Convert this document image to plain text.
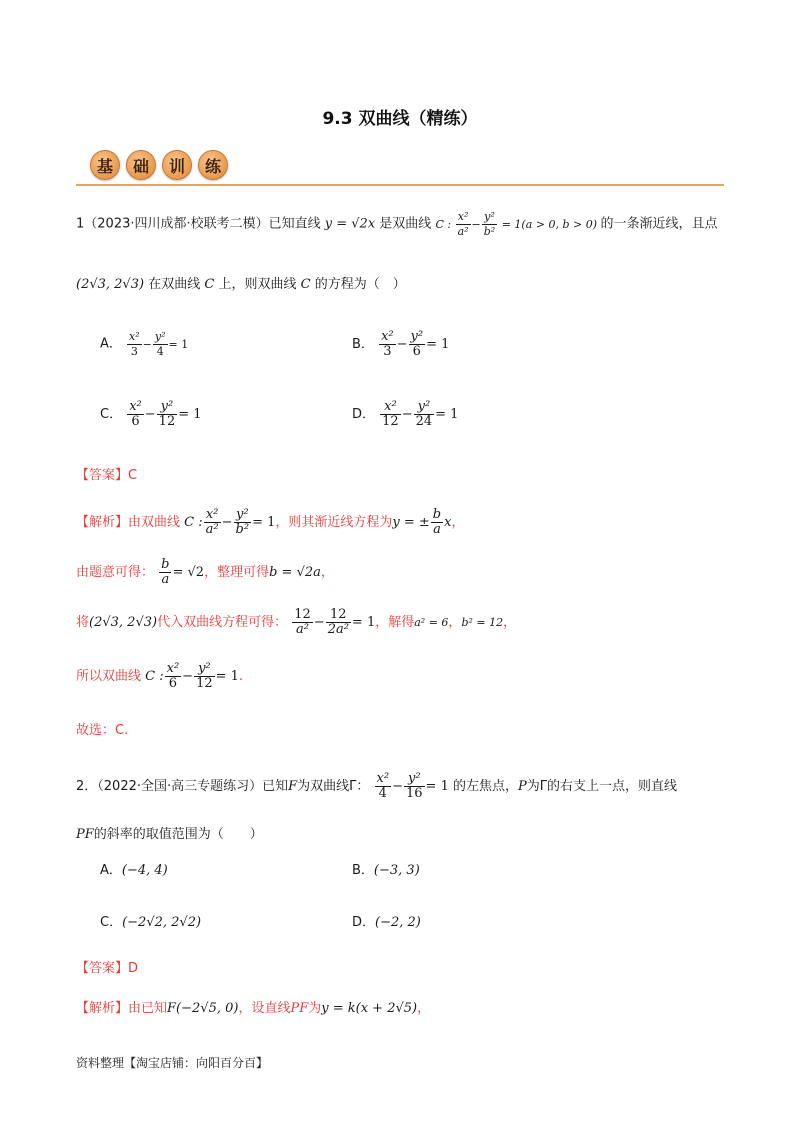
9.3 双曲线（精练）
基	础	训	练
1（2023·四川成都·校联考二模）已知直线 y = √2x 是双曲线 C : $\frac{\text{x²}}{\text{a²}} - \frac{\text{y²}}{\text{b²}} = 1(a > 0$, b > 0) 的一条渐近线，且点
(2√3, 2√3) 在双曲线 C 上，则双曲线 C 的方程为（　）
A． $\frac{\text{x²}}{3} - \frac{\text{y²}}{4} = 1$	B． $\frac{\text{x²}}{3} - \frac{\text{y²}}{6} = 1$
C． $\frac{\text{x²}}{6} - \frac{\text{y²}}{12} = 1$	D． $\frac{\text{x²}}{12} - \frac{\text{y²}}{24} = 1$
【答案】C
【解析】由双曲线 C : $\frac{\text{x²}}{\text{a²}} - \frac{\text{y²}}{\text{b²}} = 1$，则其渐近线方程为y = ± $\frac{b}{a}$ x，
由题意可得： $\frac{b}{a} = √2$，整理可得b = √2a，
将(2√3, 2√3)代入双曲线方程可得： $\frac{12}{\text{a²}} - \frac{12}{\text{2a²}} = 1$，解得a² = 6，b² = 12，
所以双曲线 C : $\frac{\text{x²}}{6} - \frac{\text{y²}}{12} = 1$.
故选：C.
2．（2022·全国·高三专题练习）已知F为双曲线Γ： $\frac{\text{x²}}{4} - \frac{\text{y²}}{16} = 1$ 的左焦点，P为Γ的右支上一点，则直线
PF的斜率的取值范围为（　　）
A．(−4, 4)	B．(−3, 3)
C．(−2√2, 2√2)	D．(−2, 2)
【答案】D
【解析】由已知F(−2√5, 0)，设直线PF为y = k(x + 2√5)，
资料整理【淘宝店铺：向阳百分百】
